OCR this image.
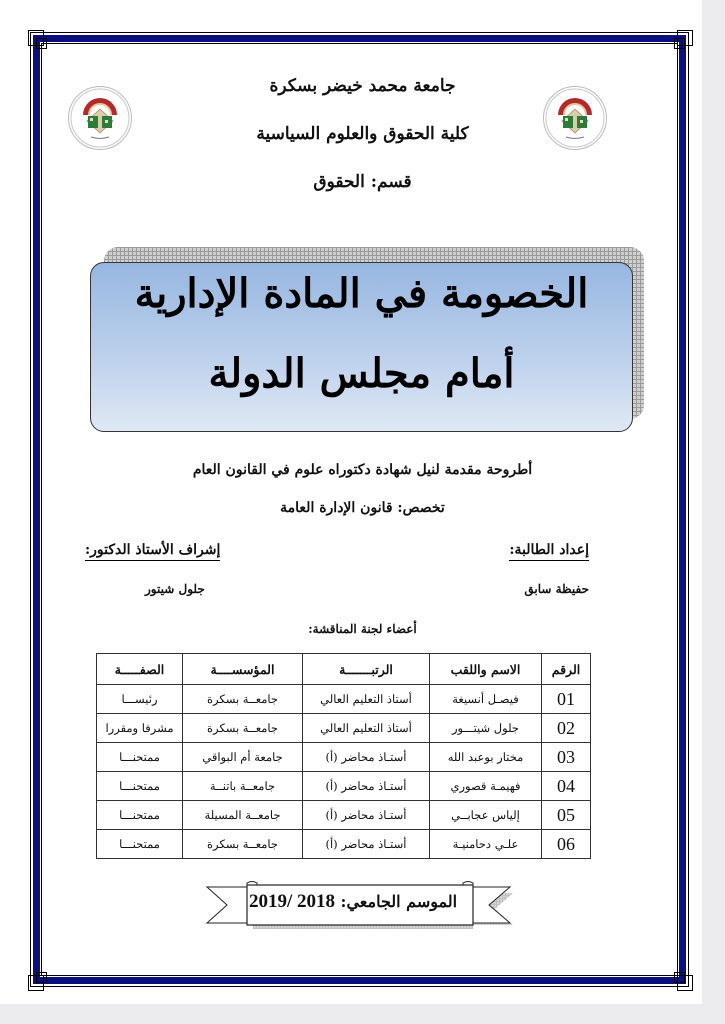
جامعة محمد خيضر بسكرة
كلية الحقوق والعلوم السياسية
قسم: الحقوق
الخصومة في المادة الإدارية
أمام مجلس الدولة
أطروحة مقدمة لنيل شهادة دكتوراه علوم في القانون العام
تخصص: قانون الإدارة العامة
إعداد الطالبة:
حفيظة سابق
إشراف الأستاذ الدكتور:
جلول شيتور
أعضاء لجنة المناقشة:
الرقم	الاسم واللقب	الرتبـــــــة	المؤسســــة	الصفـــــة
01	فيصـل أنسيغة	أستاذ التعليم العالي	جامعــة بسكرة	رئيســـا
02	جلول شيتـــور	أستاذ التعليم العالي	جامعــة بسكرة	مشرفا ومقررا
03	مختار بوعبد الله	أستـاذ محاضر (أ)	جامعة أم البواقي	ممتحنـــا
04	فهيمـة قصوري	أستـاذ محاضر (أ)	جامعــة باتنــة	ممتحنـــا
05	إلياس عجابــي	أستـاذ محاضر (أ)	جامعــة المسيلة	ممتحنـــا
06	علـي دحامنيـة	أستـاذ محاضر (أ)	جامعــة بسكرة	ممتحنـــا
الموسم الجامعي: 2018 /2019
